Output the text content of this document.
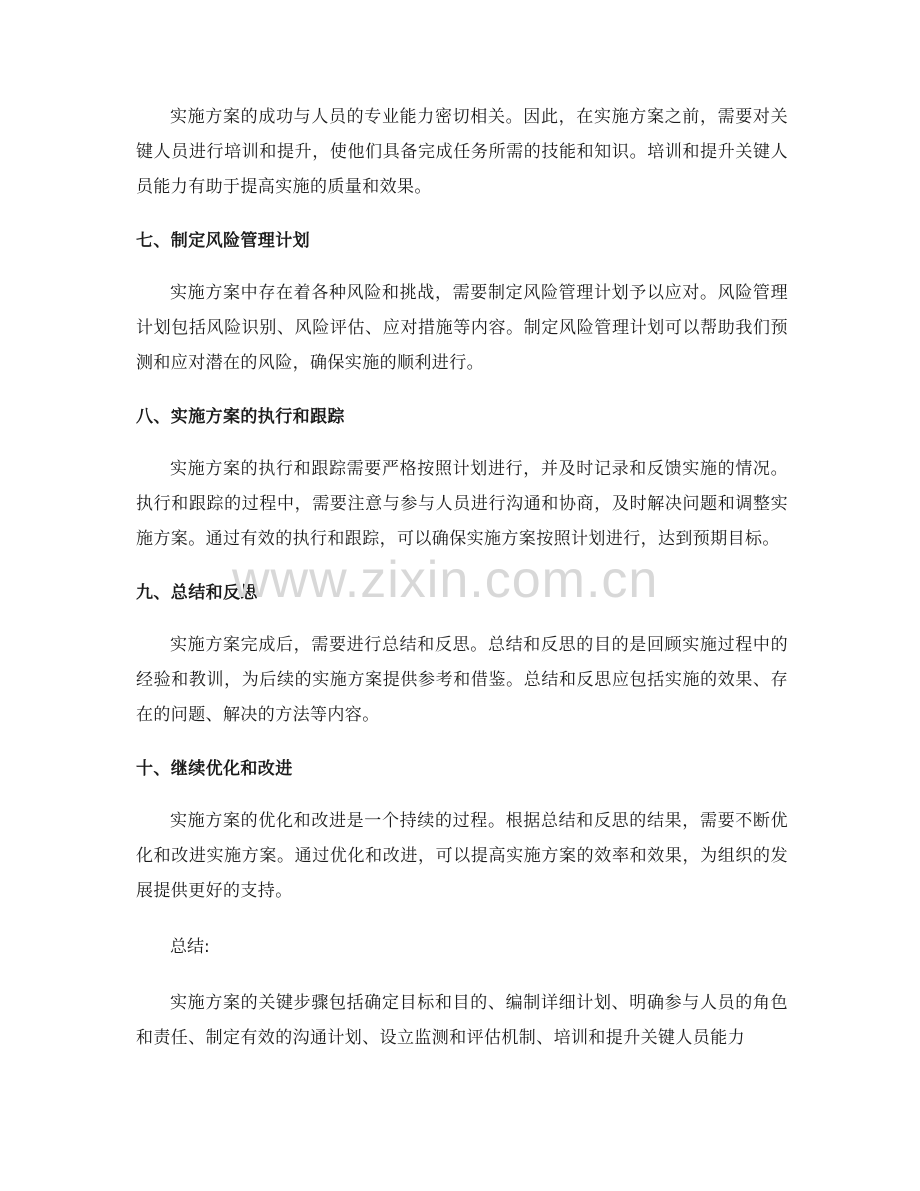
实施方案的成功与人员的专业能力密切相关。因此，在实施方案之前，需要对关键人员进行培训和提升，使他们具备完成任务所需的技能和知识。培训和提升关键人员能力有助于提高实施的质量和效果。

七、制定风险管理计划

实施方案中存在着各种风险和挑战，需要制定风险管理计划予以应对。风险管理计划包括风险识别、风险评估、应对措施等内容。制定风险管理计划可以帮助我们预测和应对潜在的风险，确保实施的顺利进行。

八、实施方案的执行和跟踪

实施方案的执行和跟踪需要严格按照计划进行，并及时记录和反馈实施的情况。执行和跟踪的过程中，需要注意与参与人员进行沟通和协商，及时解决问题和调整实施方案。通过有效的执行和跟踪，可以确保实施方案按照计划进行，达到预期目标。

九、总结和反思

实施方案完成后，需要进行总结和反思。总结和反思的目的是回顾实施过程中的经验和教训，为后续的实施方案提供参考和借鉴。总结和反思应包括实施的效果、存在的问题、解决的方法等内容。

十、继续优化和改进

实施方案的优化和改进是一个持续的过程。根据总结和反思的结果，需要不断优化和改进实施方案。通过优化和改进，可以提高实施方案的效率和效果，为组织的发展提供更好的支持。

总结:

实施方案的关键步骤包括确定目标和目的、编制详细计划、明确参与人员的角色和责任、制定有效的沟通计划、设立监测和评估机制、培训和提升关键人员能力

www.zixin.com.cn
